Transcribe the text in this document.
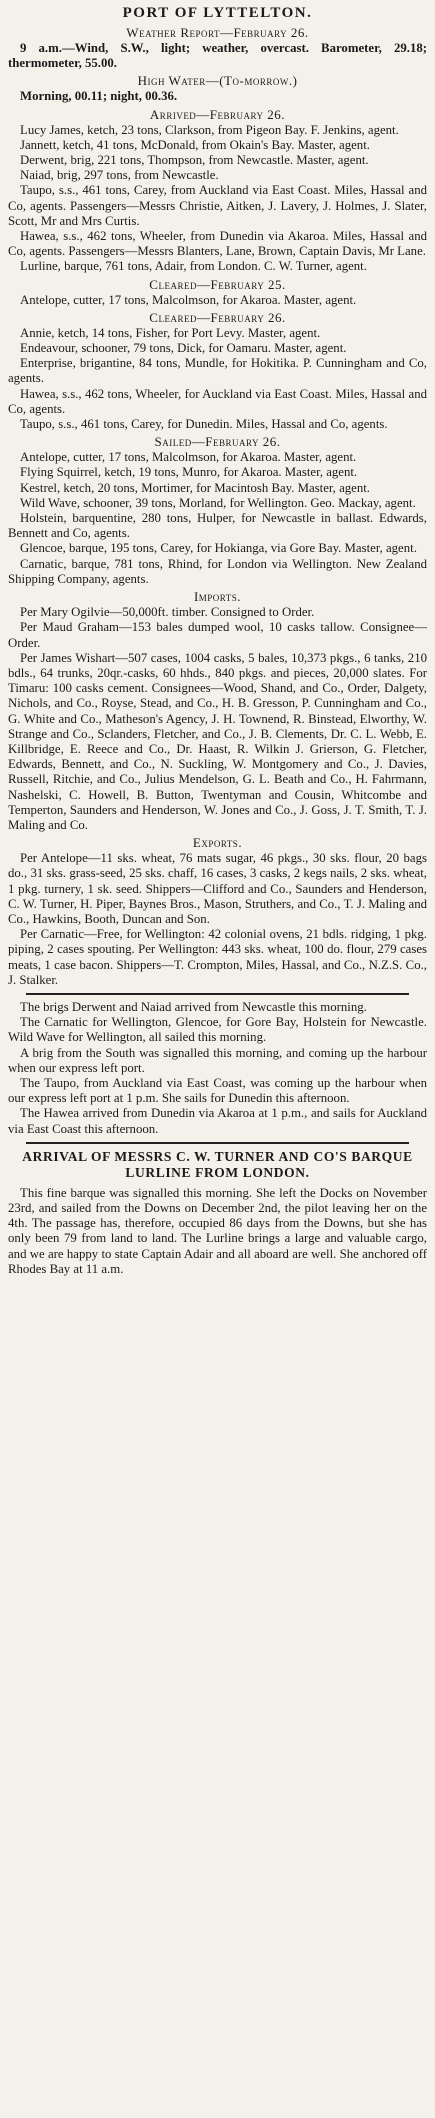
PORT OF LYTTELTON.
Weather Report—February 26.

9 a.m.—Wind, S.W., light; weather, overcast. Barometer, 29.18; thermometer, 55.00.

High Water—(To-morrow.)

Morning, 00.11; night, 00.36.

Arrived—February 26.

Lucy James, ketch, 23 tons, Clarkson, from Pigeon Bay. F. Jenkins, agent.

Jannett, ketch, 41 tons, McDonald, from Okain's Bay. Master, agent.

Derwent, brig, 221 tons, Thompson, from Newcastle. Master, agent.

Naiad, brig, 297 tons, from Newcastle.

Taupo, s.s., 461 tons, Carey, from Auckland via East Coast. Miles, Hassal and Co, agents. Passengers—Messrs Christie, Aitken, J. Lavery, J. Holmes, J. Slater, Scott, Mr and Mrs Curtis.

Hawea, s.s., 462 tons, Wheeler, from Dunedin via Akaroa. Miles, Hassal and Co, agents. Passengers—Messrs Blanters, Lane, Brown, Captain Davis, Mr Lane.

Lurline, barque, 761 tons, Adair, from London. C. W. Turner, agent.

Cleared—February 25.

Antelope, cutter, 17 tons, Malcolmson, for Akaroa. Master, agent.

Cleared—February 26.

Annie, ketch, 14 tons, Fisher, for Port Levy. Master, agent.

Endeavour, schooner, 79 tons, Dick, for Oamaru. Master, agent.

Enterprise, brigantine, 84 tons, Mundle, for Hokitika. P. Cunningham and Co, agents.

Hawea, s.s., 462 tons, Wheeler, for Auckland via East Coast. Miles, Hassal and Co, agents.

Taupo, s.s., 461 tons, Carey, for Dunedin. Miles, Hassal and Co, agents.

Sailed—February 26.

Antelope, cutter, 17 tons, Malcolmson, for Akaroa. Master, agent.

Flying Squirrel, ketch, 19 tons, Munro, for Akaroa. Master, agent.

Kestrel, ketch, 20 tons, Mortimer, for Macintosh Bay. Master, agent.

Wild Wave, schooner, 39 tons, Morland, for Wellington. Geo. Mackay, agent.

Holstein, barquentine, 280 tons, Hulper, for Newcastle in ballast. Edwards, Bennett and Co, agents.

Glencoe, barque, 195 tons, Carey, for Hokianga, via Gore Bay. Master, agent.

Carnatic, barque, 781 tons, Rhind, for London via Wellington. New Zealand Shipping Company, agents.

Imports.

Per Mary Ogilvie—50,000ft. timber. Consigned to Order.

Per Maud Graham—153 bales dumped wool, 10 casks tallow. Consignee—Order.

Per James Wishart—507 cases, 1004 casks, 5 bales, 10,373 pkgs., 6 tanks, 210 bdls., 64 trunks, 20qr.-casks, 60 hhds., 840 pkgs. and pieces, 20,000 slates. For Timaru: 100 casks cement. Consignees—Wood, Shand, and Co., Order, Dalgety, Nichols, and Co., Royse, Stead, and Co., H. B. Gresson, P. Cunningham and Co., G. White and Co., Matheson's Agency, J. H. Townend, R. Binstead, Elworthy, W. Strange and Co., Sclanders, Fletcher, and Co., J. B. Clements, Dr. C. L. Webb, E. Killbridge, E. Reece and Co., Dr. Haast, R. Wilkin J. Grierson, G. Fletcher, Edwards, Bennett, and Co., N. Suckling, W. Montgomery and Co., J. Davies, Russell, Ritchie, and Co., Julius Mendelson, G. L. Beath and Co., H. Fahrmann, Nashelski, C. Howell, B. Button, Twentyman and Cousin, Whitcombe and Temperton, Saunders and Henderson, W. Jones and Co., J. Goss, J. T. Smith, T. J. Maling and Co.

Exports.

Per Antelope—11 sks. wheat, 76 mats sugar, 46 pkgs., 30 sks. flour, 20 bags do., 31 sks. grass-seed, 25 sks. chaff, 16 cases, 3 casks, 2 kegs nails, 2 sks. wheat, 1 pkg. turnery, 1 sk. seed. Shippers—Clifford and Co., Saunders and Henderson, C. W. Turner, H. Piper, Baynes Bros., Mason, Struthers, and Co., T. J. Maling and Co., Hawkins, Booth, Duncan and Son.

Per Carnatic—Free, for Wellington: 42 colonial ovens, 21 bdls. ridging, 1 pkg. piping, 2 cases spouting. Per Wellington: 443 sks. wheat, 100 do. flour, 279 cases meats, 1 case bacon. Shippers—T. Crompton, Miles, Hassal, and Co., N.Z.S. Co., J. Stalker.

The brigs Derwent and Naiad arrived from Newcastle this morning.

The Carnatic for Wellington, Glencoe, for Gore Bay, Holstein for Newcastle. Wild Wave for Wellington, all sailed this morning.

A brig from the South was signalled this morning, and coming up the harbour when our express left port.

The Taupo, from Auckland via East Coast, was coming up the harbour when our express left port at 1 p.m. She sails for Dunedin this afternoon.

The Hawea arrived from Dunedin via Akaroa at 1 p.m., and sails for Auckland via East Coast this afternoon.

ARRIVAL OF MESSRS C. W. TURNER AND CO'S BARQUE LURLINE FROM LONDON.

This fine barque was signalled this morning. She left the Docks on November 23rd, and sailed from the Downs on December 2nd, the pilot leaving her on the 4th. The passage has, therefore, occupied 86 days from the Downs, but she has only been 79 from land to land. The Lurline brings a large and valuable cargo, and we are happy to state Captain Adair and all aboard are well. She anchored off Rhodes Bay at 11 a.m.
